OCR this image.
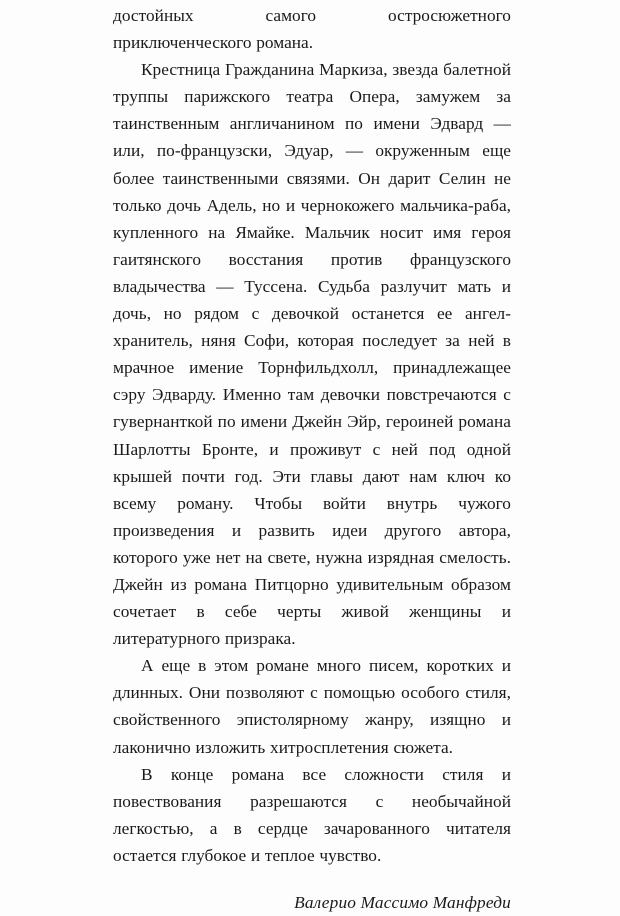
достойных самого остросюжетного приключенческого романа.

Крестница Гражданина Маркиза, звезда балетной труппы парижского театра Опера, замужем за таинственным англичанином по имени Эдвард — или, по-французски, Эдуар, — окруженным еще более таинственными связями. Он дарит Селин не только дочь Адель, но и чернокожего мальчика-раба, купленного на Ямайке. Мальчик носит имя героя гаитянского восстания против французского владычества — Туссена. Судьба разлучит мать и дочь, но рядом с девочкой останется ее ангел-хранитель, няня Софи, которая последует за ней в мрачное имение Торнфильдхолл, принадлежащее сэру Эдварду. Именно там девочки повстречаются с гувернанткой по имени Джейн Эйр, героиней романа Шарлотты Бронте, и проживут с ней под одной крышей почти год. Эти главы дают нам ключ ко всему роману. Чтобы войти внутрь чужого произведения и развить идеи другого автора, которого уже нет на свете, нужна изрядная смелость. Джейн из романа Питцорно удивительным образом сочетает в себе черты живой женщины и литературного призрака.

А еще в этом романе много писем, коротких и длинных. Они позволяют с помощью особого стиля, свойственного эпистолярному жанру, изящно и лаконично изложить хитросплетения сюжета.

В конце романа все сложности стиля и повествования разрешаются с необычайной легкостью, а в сердце зачарованного читателя остается глубокое и теплое чувство.

Валерио Массимо Манфреди
